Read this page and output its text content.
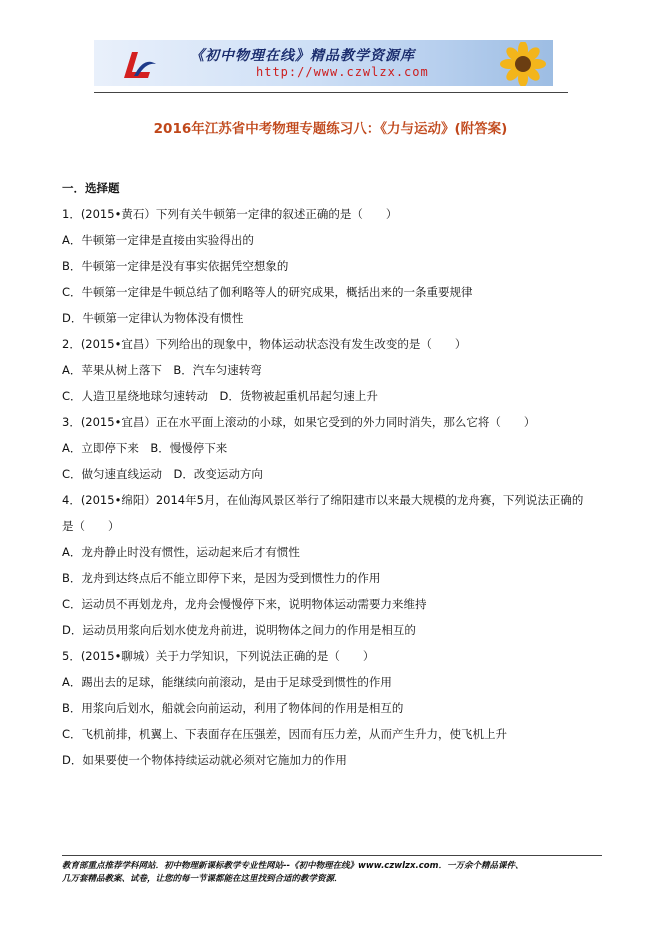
《初中物理在线》精品教学资源库
http://www.czwlzx.com
2016年江苏省中考物理专题练习八：《力与运动》(附答案)
一．选择题
1．(2015•黄石）下列有关牛顿第一定律的叙述正确的是（　　）
A．牛顿第一定律是直接由实验得出的
B．牛顿第一定律是没有事实依据凭空想象的
C．牛顿第一定律是牛顿总结了伽利略等人的研究成果，概括出来的一条重要规律
D．牛顿第一定律认为物体没有惯性
2．(2015•宜昌）下列给出的现象中，物体运动状态没有发生改变的是（　　）
A．苹果从树上落下　B．汽车匀速转弯
C．人造卫星绕地球匀速转动　D．货物被起重机吊起匀速上升
3．(2015•宜昌）正在水平面上滚动的小球，如果它受到的外力同时消失，那么它将（　　）
A．立即停下来　B．慢慢停下来
C．做匀速直线运动　D．改变运动方向
4．(2015•绵阳）2014年5月，在仙海风景区举行了绵阳建市以来最大规模的龙舟赛，下列说法正确的
是（　　）
A．龙舟静止时没有惯性，运动起来后才有惯性
B．龙舟到达终点后不能立即停下来，是因为受到惯性力的作用
C．运动员不再划龙舟，龙舟会慢慢停下来，说明物体运动需要力来维持
D．运动员用浆向后划水使龙舟前进，说明物体之间力的作用是相互的
5．(2015•聊城）关于力学知识，下列说法正确的是（　　）
A．踢出去的足球，能继续向前滚动，是由于足球受到惯性的作用
B．用浆向后划水，船就会向前运动，利用了物体间的作用是相互的
C．飞机前排，机翼上、下表面存在压强差，因而有压力差，从而产生升力，使飞机上升
D．如果要使一个物体持续运动就必须对它施加力的作用
教育部重点推荐学科网站．初中物理新课标教学专业性网站--《初中物理在线》www.czwlzx.com．一万余个精品课件、
几万套精品教案、试卷，让您的每一节课都能在这里找到合适的教学资源．
